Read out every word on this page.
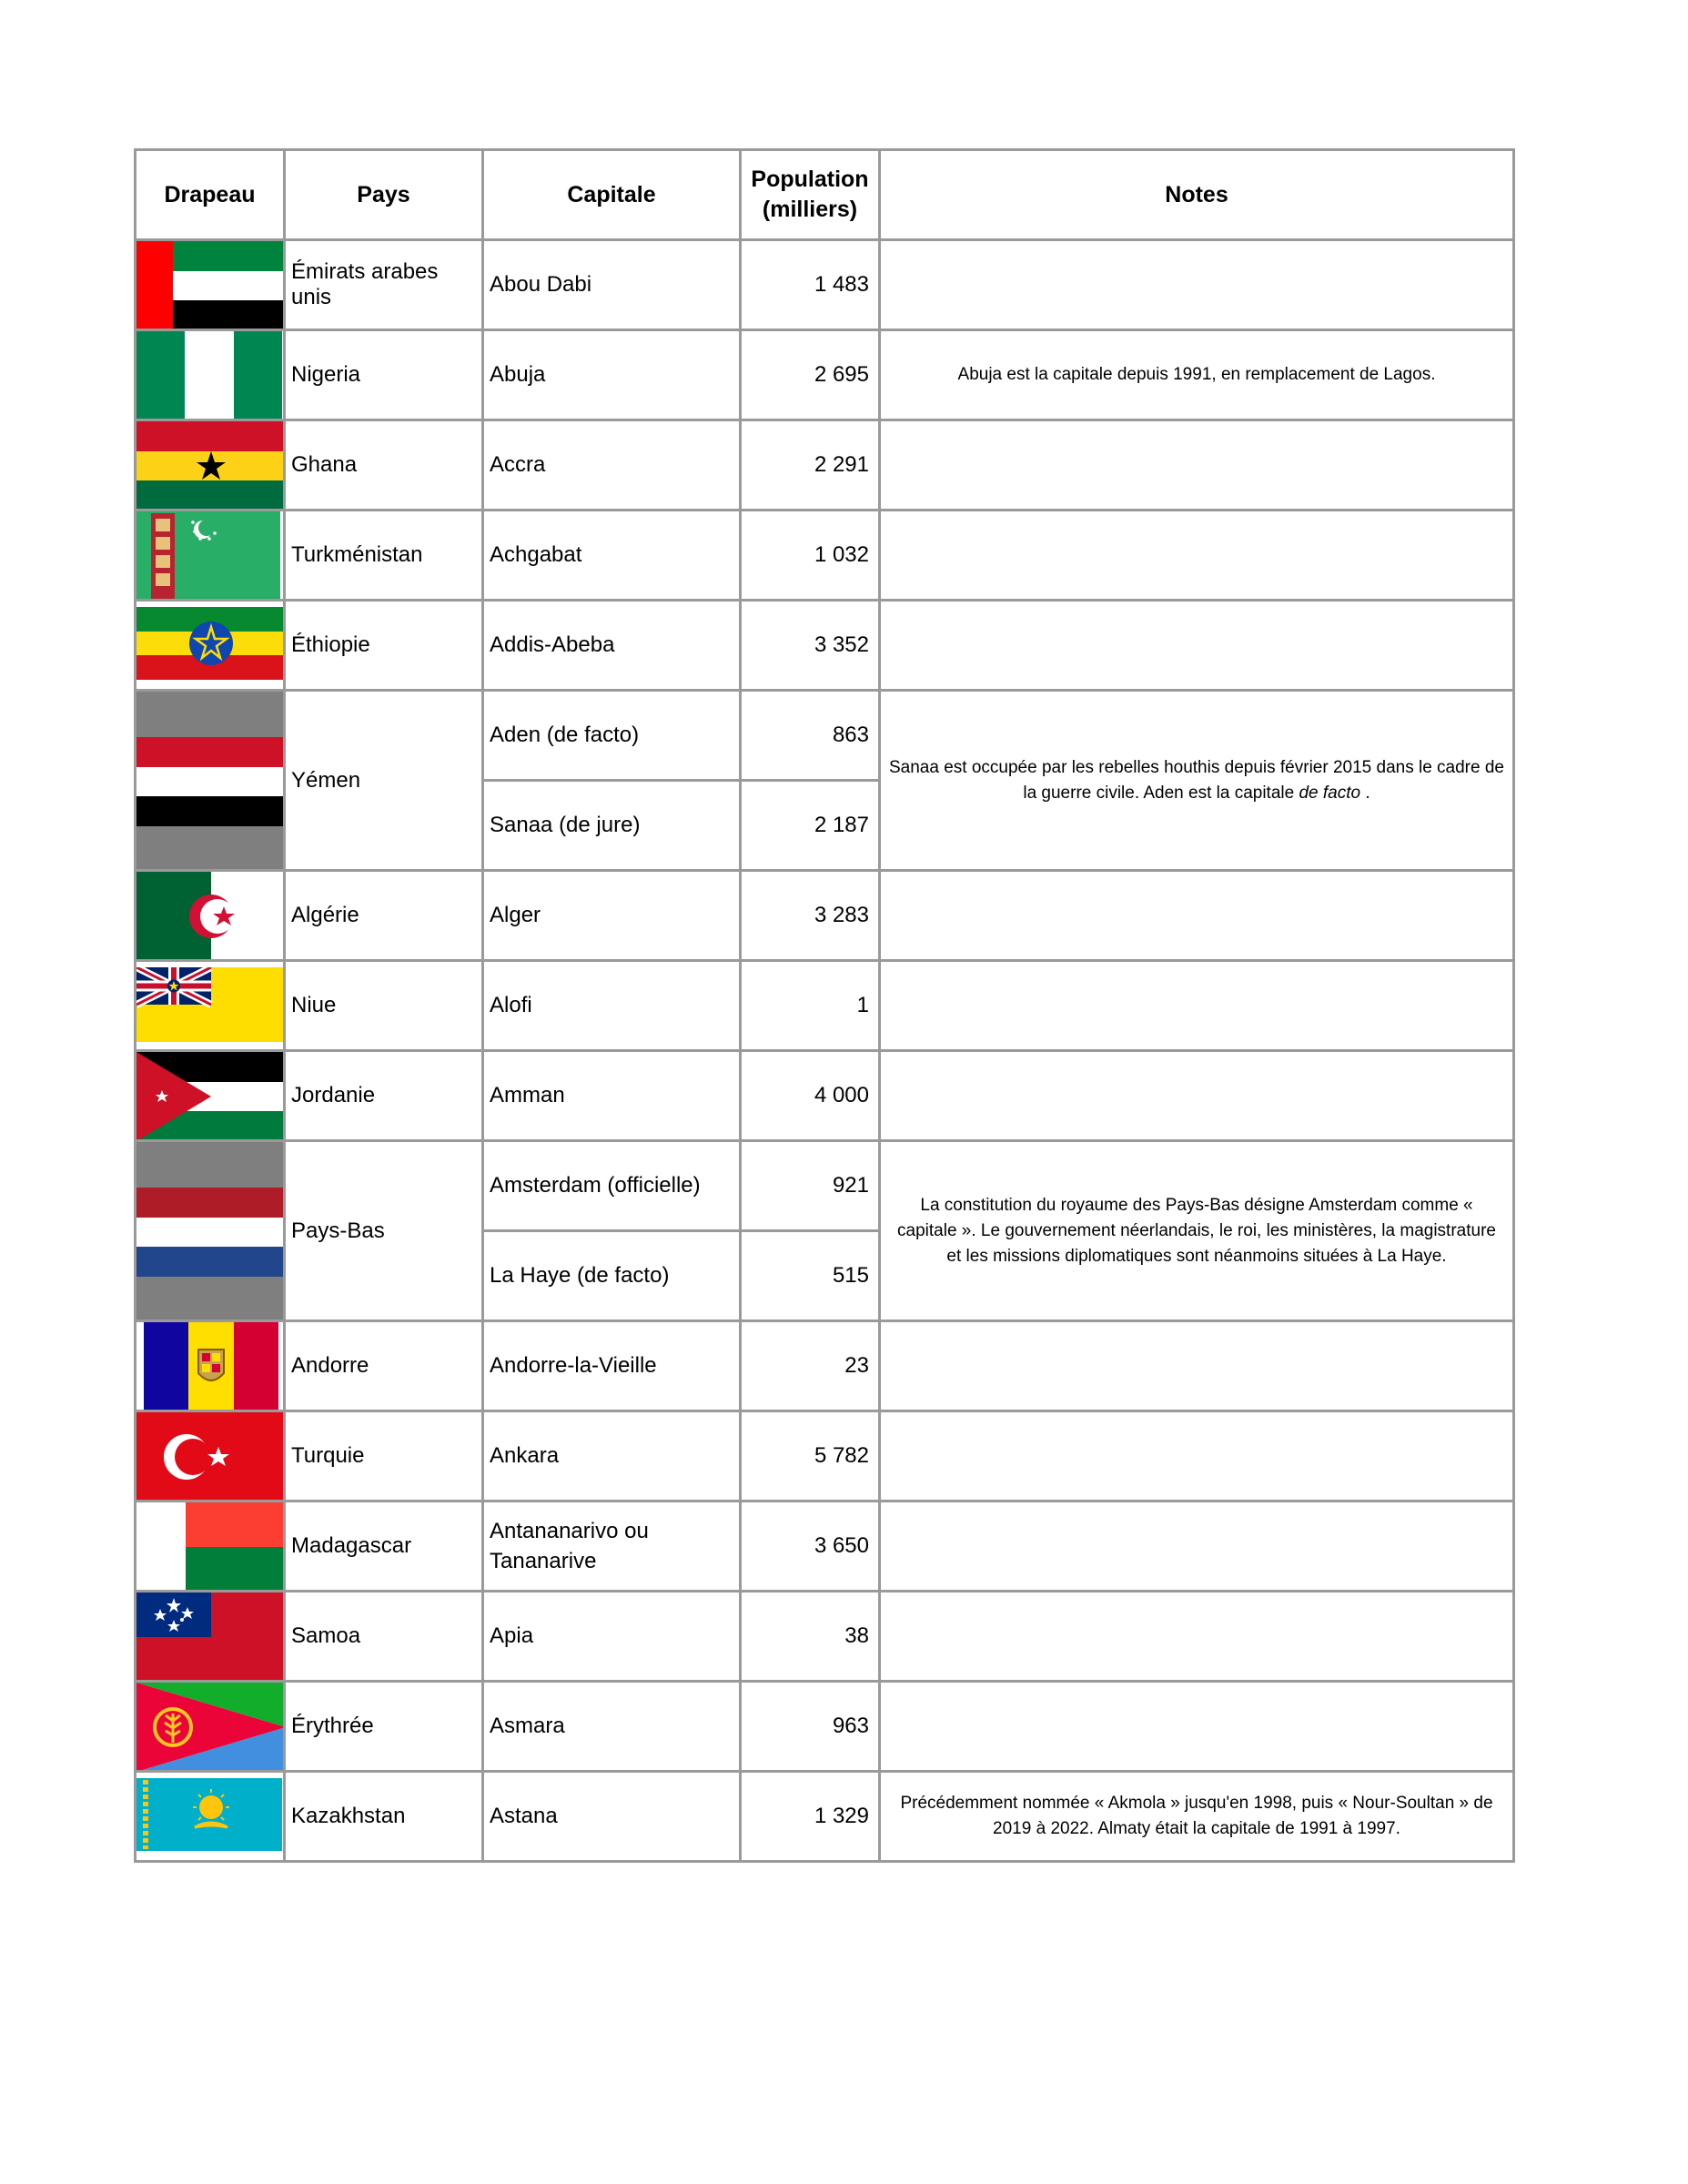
Drapeau	Pays	Capitale	Population (milliers)	Notes

	Émirats arabes unis	Abou Dabi	1 483	

	Nigeria	Abuja	2 695	Abuja est la capitale depuis 1991, en remplacement de Lagos.

	Ghana	Accra	2 291	

	Turkménistan	Achgabat	1 032	

	Éthiopie	Addis-Abeba	3 352	

	Yémen	Aden (de facto)	863	Sanaa est occupée par les rebelles houthis depuis février 2015 dans le cadre de la guerre civile. Aden est la capitale de facto .
		Sanaa (de jure)	2 187	

	Algérie	Alger	3 283	

	Niue	Alofi	1	

	Jordanie	Amman	4 000	

	Pays-Bas	Amsterdam (officielle)	921	La constitution du royaume des Pays-Bas désigne Amsterdam comme « capitale ». Le gouvernement néerlandais, le roi, les ministères, la magistrature et les missions diplomatiques sont néanmoins situées à La Haye.
		La Haye (de facto)	515	

	Andorre	Andorre-la-Vieille	23	

	Turquie	Ankara	5 782	

	Madagascar	Antananarivo ou Tananarive	3 650	

	Samoa	Apia	38	

	Érythrée	Asmara	963	

	Kazakhstan	Astana	1 329	Précédemment nommée « Akmola » jusqu'en 1998, puis « Nour-Soultan » de 2019 à 2022. Almaty était la capitale de 1991 à 1997.
